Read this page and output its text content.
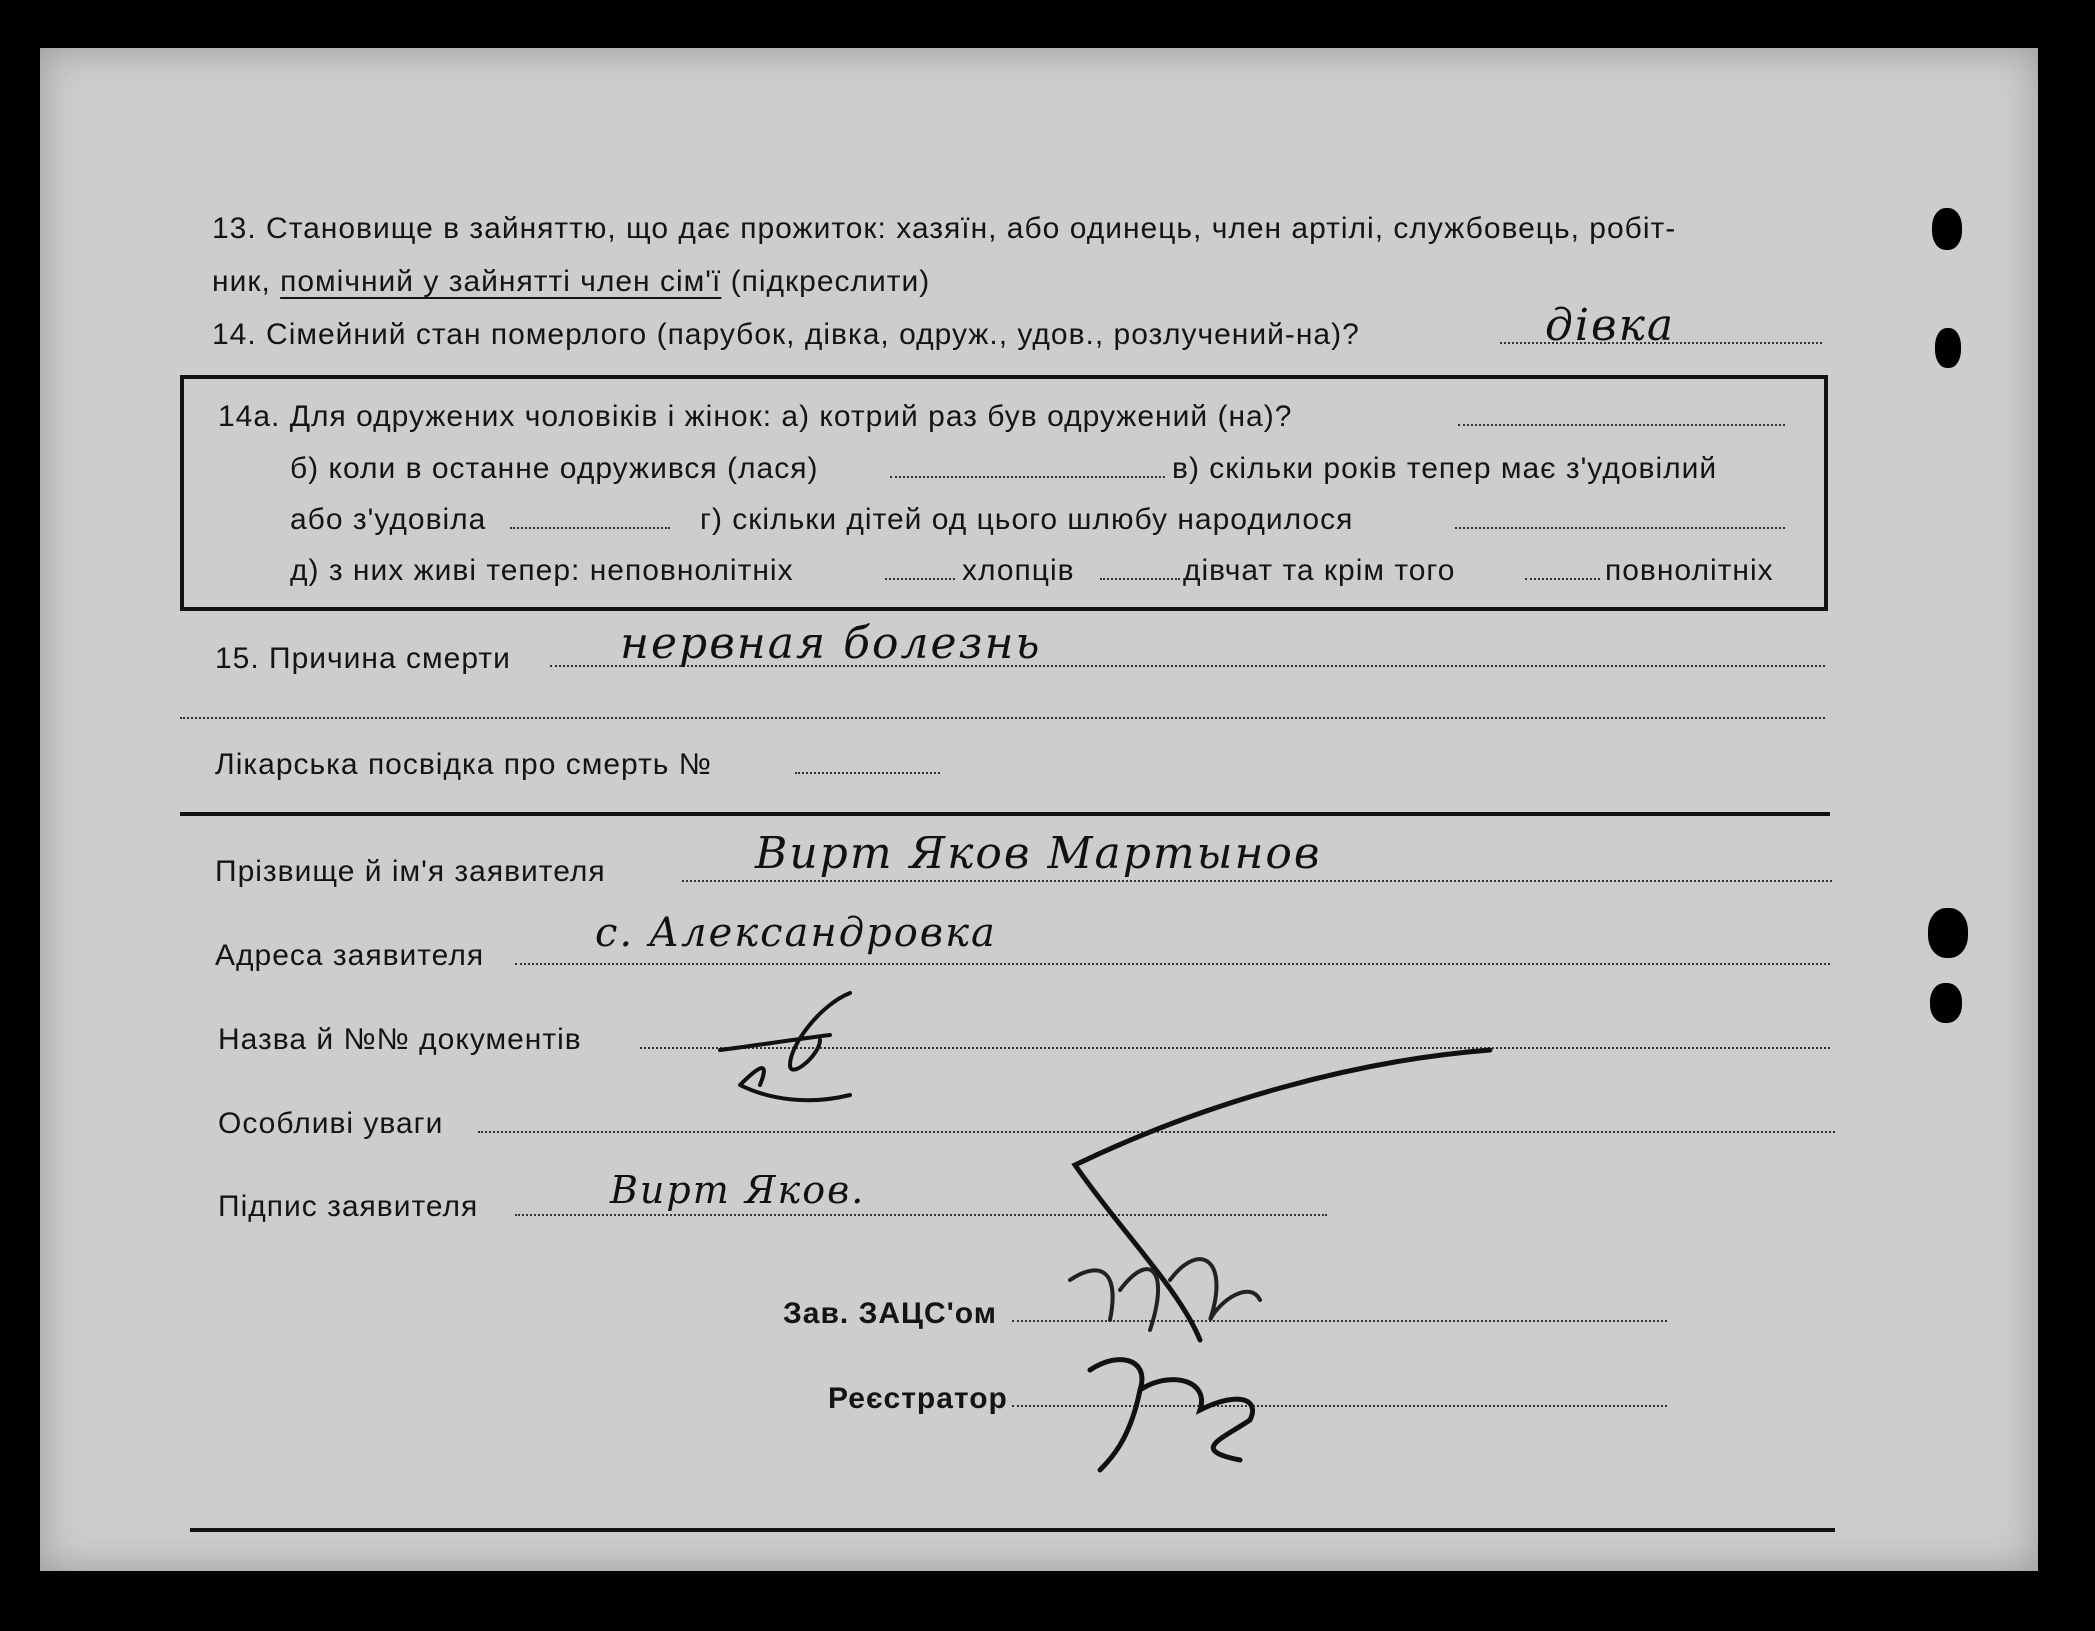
13. Становище в зайняттю, що дає прожиток: хазяїн, або одинець, член артілі, службовець, робіт-
ник, помічний у зайнятті член сім'ї (підкреслити)
14. Сімейний стан померлого (парубок, дівка, одруж., удов., розлучений-на)?	дівка
14а. Для одружених чоловіків і жінок: а) котрий раз був одружений (на)?
б) коли в останне одружився (лася)	в) скільки років тепер має з'удовілий
або з'удовіла	г) скільки дітей од цього шлюбу народилося
д) з них живі тепер: неповнолітніх	хлопців	дівчат та крім того	повнолітніх
15. Причина смерти нервная болезнь
Лікарська посвідка про смерть №
Прізвище й ім'я заявителя	Вирт Яков Мартынов
Адреса заявителя	с. Александровка
Назва й №№ документів
Особливі уваги
Підпис заявителя	Вирт Яков.
Зав. ЗАЦС'ом
Реєстратор
